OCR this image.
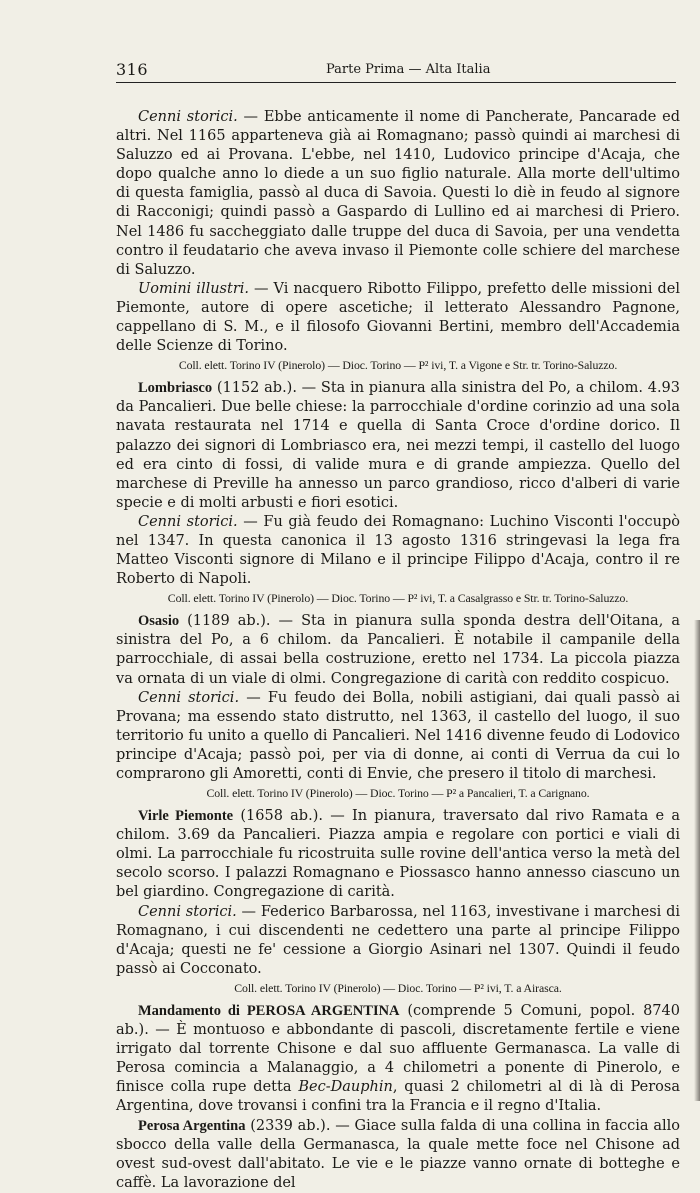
316	Parte Prima — Alta Italia

Cenni storici. — Ebbe anticamente il nome di Pancherate, Pancarade ed altri. Nel 1165 apparteneva già ai Romagnano; passò quindi ai marchesi di Saluzzo ed ai Provana. L'ebbe, nel 1410, Ludovico principe d'Acaja, che dopo qualche anno lo diede a un suo figlio naturale. Alla morte dell'ultimo di questa famiglia, passò al duca di Savoia. Questi lo diè in feudo al signore di Racconigi; quindi passò a Gaspardo di Lullino ed ai marchesi di Priero. Nel 1486 fu saccheggiato dalle truppe del duca di Savoia, per una vendetta contro il feudatario che aveva invaso il Piemonte colle schiere del marchese di Saluzzo.

Uomini illustri. — Vi nacquero Ribotto Filippo, prefetto delle missioni del Piemonte, autore di opere ascetiche; il letterato Alessandro Pagnone, cappellano di S. M., e il filosofo Giovanni Bertini, membro dell'Accademia delle Scienze di Torino.

Coll. elett. Torino IV (Pinerolo) — Dioc. Torino — P² ivi, T. a Vigone e Str. tr. Torino-Saluzzo.

Lombriasco (1152 ab.). — Sta in pianura alla sinistra del Po, a chilom. 4.93 da Pancalieri. Due belle chiese: la parrocchiale d'ordine corinzio ad una sola navata restaurata nel 1714 e quella di Santa Croce d'ordine dorico. Il palazzo dei signori di Lombriasco era, nei mezzi tempi, il castello del luogo ed era cinto di fossi, di valide mura e di grande ampiezza. Quello del marchese di Preville ha annesso un parco grandioso, ricco d'alberi di varie specie e di molti arbusti e fiori esotici.

Cenni storici. — Fu già feudo dei Romagnano: Luchino Visconti l'occupò nel 1347. In questa canonica il 13 agosto 1316 stringevasi la lega fra Matteo Visconti signore di Milano e il principe Filippo d'Acaja, contro il re Roberto di Napoli.

Coll. elett. Torino IV (Pinerolo) — Dioc. Torino — P² ivi, T. a Casalgrasso e Str. tr. Torino-Saluzzo.

Osasio (1189 ab.). — Sta in pianura sulla sponda destra dell'Oitana, a sinistra del Po, a 6 chilom. da Pancalieri. È notabile il campanile della parrocchiale, di assai bella costruzione, eretto nel 1734. La piccola piazza va ornata di un viale di olmi. Congregazione di carità con reddito cospicuo.

Cenni storici. — Fu feudo dei Bolla, nobili astigiani, dai quali passò ai Provana; ma essendo stato distrutto, nel 1363, il castello del luogo, il suo territorio fu unito a quello di Pancalieri. Nel 1416 divenne feudo di Lodovico principe d'Acaja; passò poi, per via di donne, ai conti di Verrua da cui lo comprarono gli Amoretti, conti di Envie, che presero il titolo di marchesi.

Coll. elett. Torino IV (Pinerolo) — Dioc. Torino — P² a Pancalieri, T. a Carignano.

Virle Piemonte (1658 ab.). — In pianura, traversato dal rivo Ramata e a chilom. 3.69 da Pancalieri. Piazza ampia e regolare con portici e viali di olmi. La parrocchiale fu ricostruita sulle rovine dell'antica verso la metà del secolo scorso. I palazzi Romagnano e Piossasco hanno annesso ciascuno un bel giardino. Congregazione di carità.

Cenni storici. — Federico Barbarossa, nel 1163, investivane i marchesi di Romagnano, i cui discendenti ne cedettero una parte al principe Filippo d'Acaja; questi ne fe' cessione a Giorgio Asinari nel 1307. Quindi il feudo passò ai Cocconato.

Coll. elett. Torino IV (Pinerolo) — Dioc. Torino — P² ivi, T. a Airasca.

Mandamento di PEROSA ARGENTINA (comprende 5 Comuni, popol. 8740 ab.). — È montuoso e abbondante di pascoli, discretamente fertile e viene irrigato dal torrente Chisone e dal suo affluente Germanasca. La valle di Perosa comincia a Malanaggio, a 4 chilometri a ponente di Pinerolo, e finisce colla rupe detta Bec-Dauphin, quasi 2 chilometri al di là di Perosa Argentina, dove trovansi i confini tra la Francia e il regno d'Italia.

Perosa Argentina (2339 ab.). — Giace sulla falda di una collina in faccia allo sbocco della valle della Germanasca, la quale mette foce nel Chisone ad ovest sud-ovest dall'abitato. Le vie e le piazze vanno ornate di botteghe e caffè. La lavorazione del
